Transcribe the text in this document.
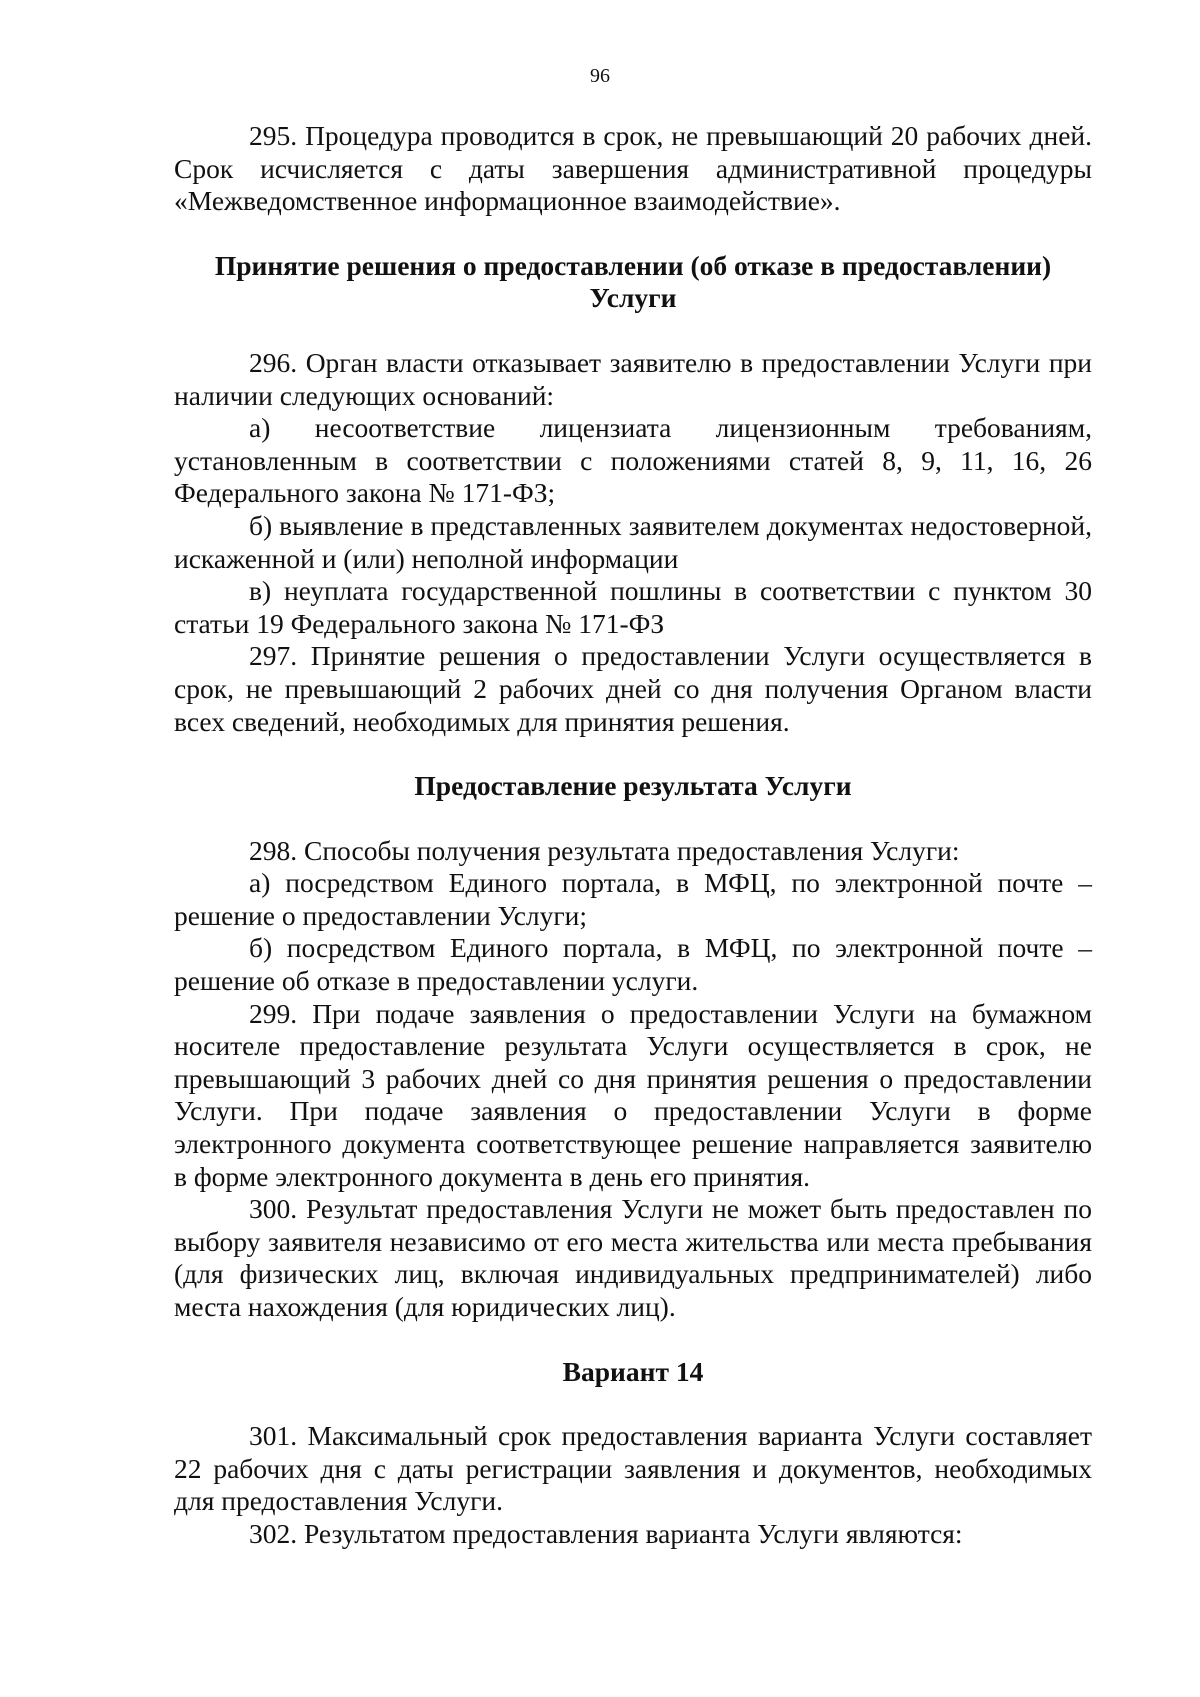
96

295. Процедура проводится в срок, не превышающий 20 рабочих дней. Срок исчисляется с даты завершения административной процедуры «Межведомственное информационное взаимодействие».

Принятие решения о предоставлении (об отказе в предоставлении)
Услуги

296. Орган власти отказывает заявителю в предоставлении Услуги при наличии следующих оснований:

а) несоответствие лицензиата лицензионным требованиям, установленным в соответствии с положениями статей 8, 9, 11, 16, 26 Федерального закона № 171-ФЗ;

б) выявление в представленных заявителем документах недостоверной, искаженной и (или) неполной информации

в) неуплата государственной пошлины в соответствии с пунктом 30 статьи 19 Федерального закона № 171-ФЗ

297. Принятие решения о предоставлении Услуги осуществляется в срок, не превышающий 2 рабочих дней со дня получения Органом власти всех сведений, необходимых для принятия решения.

Предоставление результата Услуги

298. Способы получения результата предоставления Услуги:

а) посредством Единого портала, в МФЦ, по электронной почте – решение о предоставлении Услуги;

б) посредством Единого портала, в МФЦ, по электронной почте – решение об отказе в предоставлении услуги.

299. При подаче заявления о предоставлении Услуги на бумажном носителе предоставление результата Услуги осуществляется в срок, не превышающий 3 рабочих дней со дня принятия решения о предоставлении Услуги. При подаче заявления о предоставлении Услуги в форме электронного документа соответствующее решение направляется заявителю в форме электронного документа в день его принятия.

300. Результат предоставления Услуги не может быть предоставлен по выбору заявителя независимо от его места жительства или места пребывания (для физических лиц, включая индивидуальных предпринимателей) либо места нахождения (для юридических лиц).

Вариант 14

301. Максимальный срок предоставления варианта Услуги составляет 22 рабочих дня с даты регистрации заявления и документов, необходимых для предоставления Услуги.

302. Результатом предоставления варианта Услуги являются:
